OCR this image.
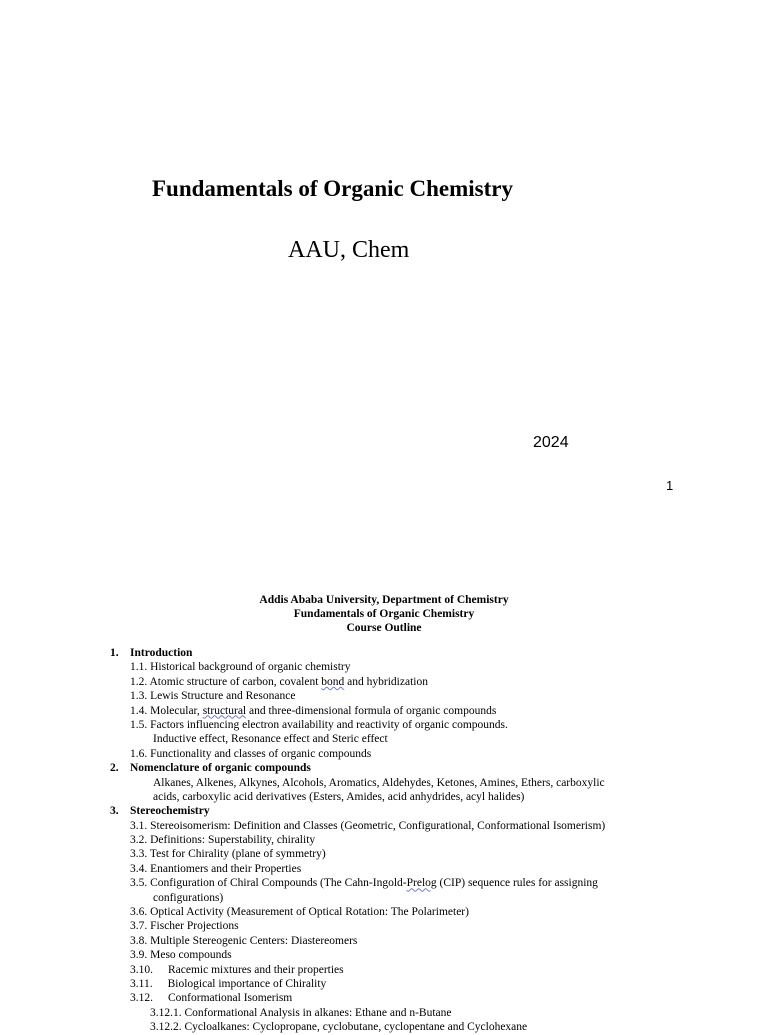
Fundamentals of Organic Chemistry
AAU, Chem
2024
1
Addis Ababa University, Department of Chemistry
Fundamentals of Organic Chemistry
Course Outline
1. Introduction
1.1. Historical background of organic chemistry
1.2. Atomic structure of carbon, covalent bond and hybridization
1.3. Lewis Structure and Resonance
1.4. Molecular, structural and three-dimensional formula of organic compounds
1.5. Factors influencing electron availability and reactivity of organic compounds.
Inductive effect, Resonance effect and Steric effect
1.6. Functionality and classes of organic compounds
2. Nomenclature of organic compounds
Alkanes, Alkenes, Alkynes, Alcohols, Aromatics, Aldehydes, Ketones, Amines, Ethers, carboxylic
acids, carboxylic acid derivatives (Esters, Amides, acid anhydrides, acyl halides)
3. Stereochemistry
3.1. Stereoisomerism: Definition and Classes (Geometric, Configurational, Conformational Isomerism)
3.2. Definitions: Superstability, chirality
3.3. Test for Chirality (plane of symmetry)
3.4. Enantiomers and their Properties
3.5. Configuration of Chiral Compounds (The Cahn-Ingold-Prelog (CIP) sequence rules for assigning
configurations)
3.6. Optical Activity (Measurement of Optical Rotation: The Polarimeter)
3.7. Fischer Projections
3.8. Multiple Stereogenic Centers: Diastereomers
3.9. Meso compounds
3.10. Racemic mixtures and their properties
3.11. Biological importance of Chirality
3.12. Conformational Isomerism
3.12.1. Conformational Analysis in alkanes: Ethane and n-Butane
3.12.2. Cycloalkanes: Cyclopropane, cyclobutane, cyclopentane and Cyclohexane
